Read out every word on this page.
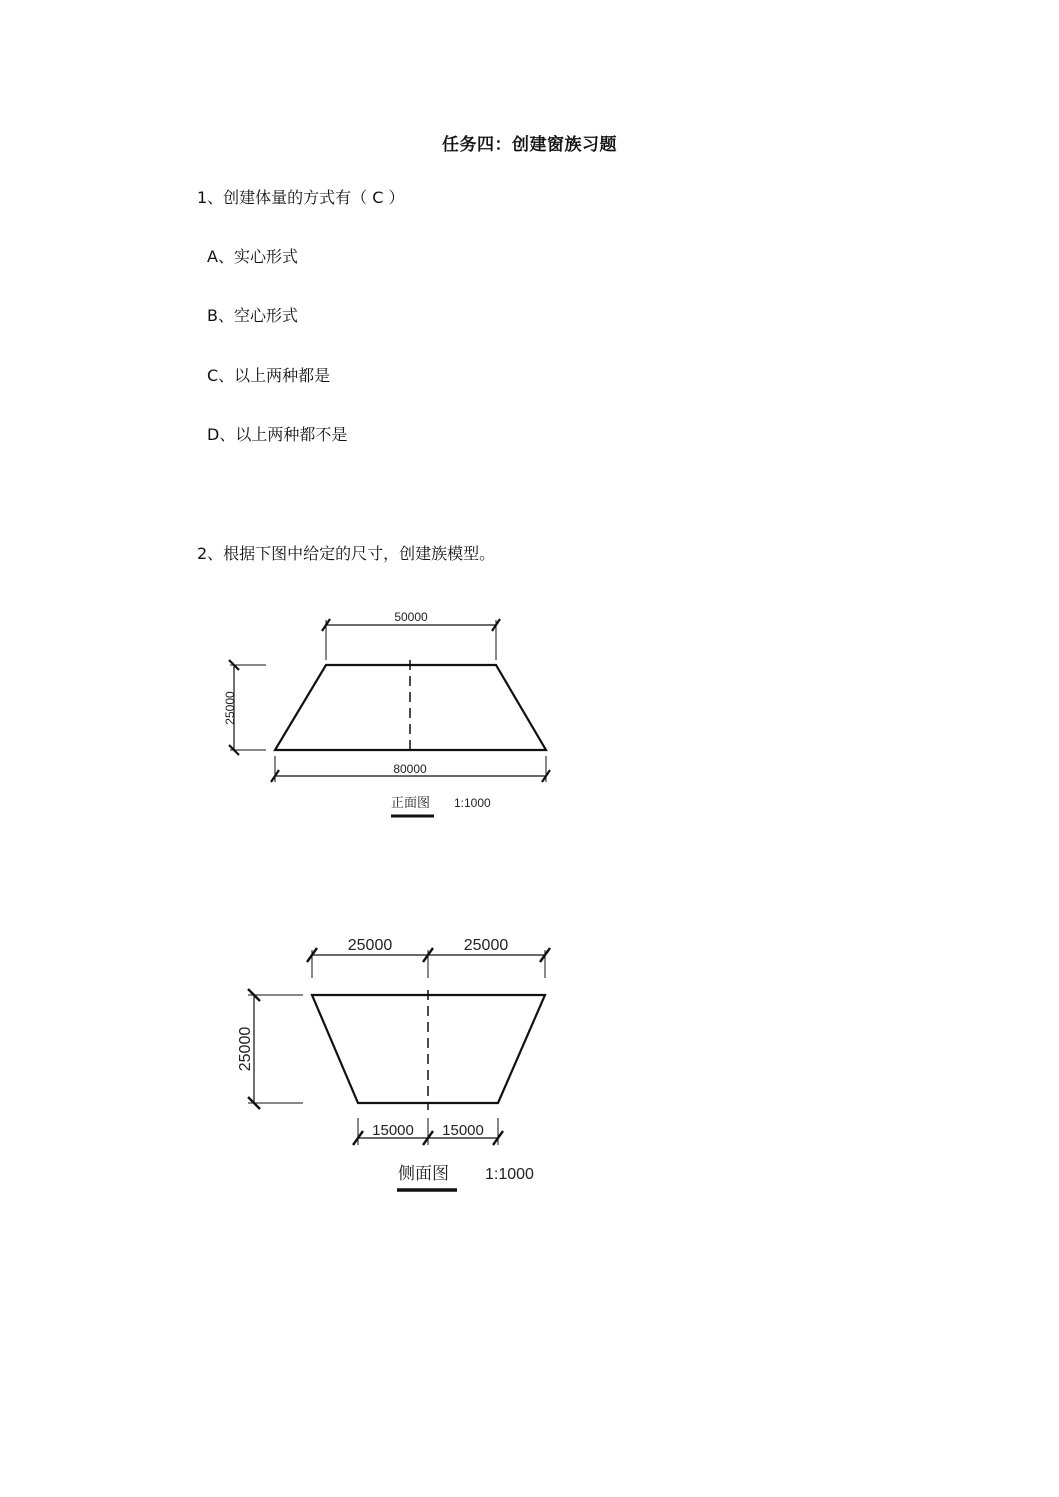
任务四：创建窗族习题
1、创建体量的方式有（ C ）
A、实心形式
B、空心形式
C、以上两种都是
D、以上两种都不是
2、根据下图中给定的尺寸，创建族模型。
50000
25000
80000
正面图 1:1000
25000	25000
25000
15000 15000
侧面图 1:1000
